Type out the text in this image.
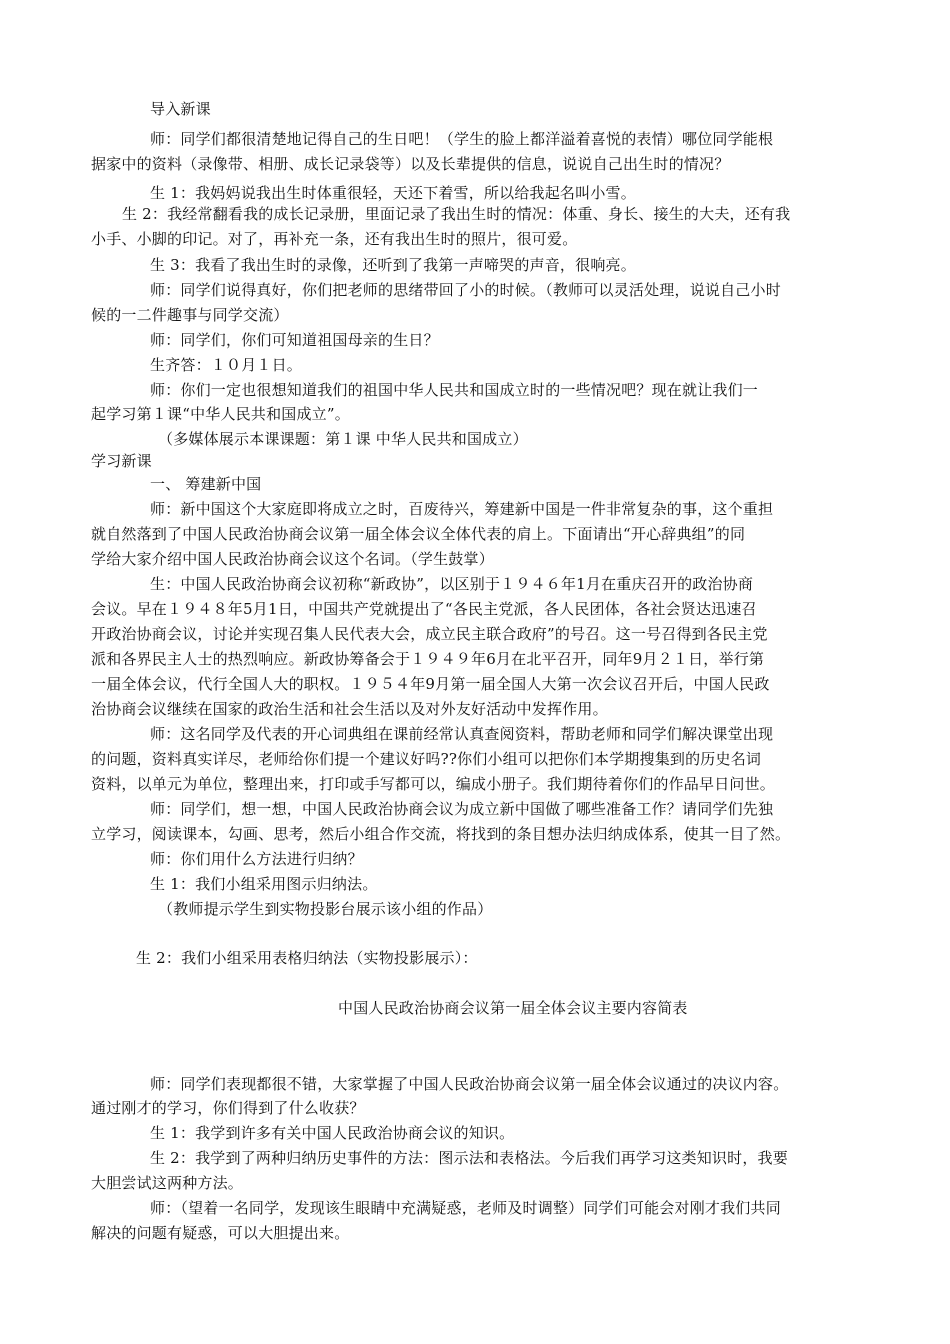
导入新课
师：同学们都很清楚地记得自己的生日吧！（学生的脸上都洋溢着喜悦的表情）哪位同学能根
据家中的资料（录像带、相册、成长记录袋等）以及长辈提供的信息，说说自己出生时的情况？
生 1：我妈妈说我出生时体重很轻，天还下着雪，所以给我起名叫小雪。
生 2：我经常翻看我的成长记录册，里面记录了我出生时的情况：体重、身长、接生的大夫，还有我
小手、小脚的印记。对了，再补充一条，还有我出生时的照片，很可爱。
生 3：我看了我出生时的录像，还听到了我第一声啼哭的声音，很响亮。
师：同学们说得真好，你们把老师的思绪带回了小的时候。（教师可以灵活处理，说说自己小时
候的一二件趣事与同学交流）
师：同学们，你们可知道祖国母亲的生日？
生齐答：１０月１日。
师：你们一定也很想知道我们的祖国中华人民共和国成立时的一些情况吧？现在就让我们一
起学习第１课“中华人民共和国成立”。
（多媒体展示本课课题：第１课 中华人民共和国成立）
学习新课
一、 筹建新中国
师：新中国这个大家庭即将成立之时，百废待兴，筹建新中国是一件非常复杂的事，这个重担
就自然落到了中国人民政治协商会议第一届全体会议全体代表的肩上。下面请出“开心辞典组”的同
学给大家介绍中国人民政治协商会议这个名词。（学生鼓掌）
生：中国人民政治协商会议初称“新政协”，以区别于１９４６年1月在重庆召开的政治协商
会议。早在１９４８年5月1日，中国共产党就提出了“各民主党派，各人民团体，各社会贤达迅速召
开政治协商会议，讨论并实现召集人民代表大会，成立民主联合政府”的号召。这一号召得到各民主党
派和各界民主人士的热烈响应。新政协筹备会于１９４９年6月在北平召开，同年9月２１日，举行第
一届全体会议，代行全国人大的职权。１９５４年9月第一届全国人大第一次会议召开后，中国人民政
治协商会议继续在国家的政治生活和社会生活以及对外友好活动中发挥作用。
师：这名同学及代表的开心词典组在课前经常认真查阅资料，帮助老师和同学们解决课堂出现
的问题，资料真实详尽，老师给你们提一个建议好吗??你们小组可以把你们本学期搜集到的历史名词
资料，以单元为单位，整理出来，打印或手写都可以，编成小册子。我们期待着你们的作品早日问世。
师：同学们，想一想，中国人民政治协商会议为成立新中国做了哪些准备工作？请同学们先独
立学习，阅读课本，勾画、思考，然后小组合作交流，将找到的条目想办法归纳成体系，使其一目了然。
师：你们用什么方法进行归纳？
生 1：我们小组采用图示归纳法。
（教师提示学生到实物投影台展示该小组的作品）
生 2：我们小组采用表格归纳法（实物投影展示）：
中国人民政治协商会议第一届全体会议主要内容简表
师：同学们表现都很不错，大家掌握了中国人民政治协商会议第一届全体会议通过的决议内容。
通过刚才的学习，你们得到了什么收获？
生 1：我学到许多有关中国人民政治协商会议的知识。
生 2：我学到了两种归纳历史事件的方法：图示法和表格法。今后我们再学习这类知识时，我要
大胆尝试这两种方法。
师：（望着一名同学，发现该生眼睛中充满疑惑，老师及时调整）同学们可能会对刚才我们共同
解决的问题有疑惑，可以大胆提出来。
